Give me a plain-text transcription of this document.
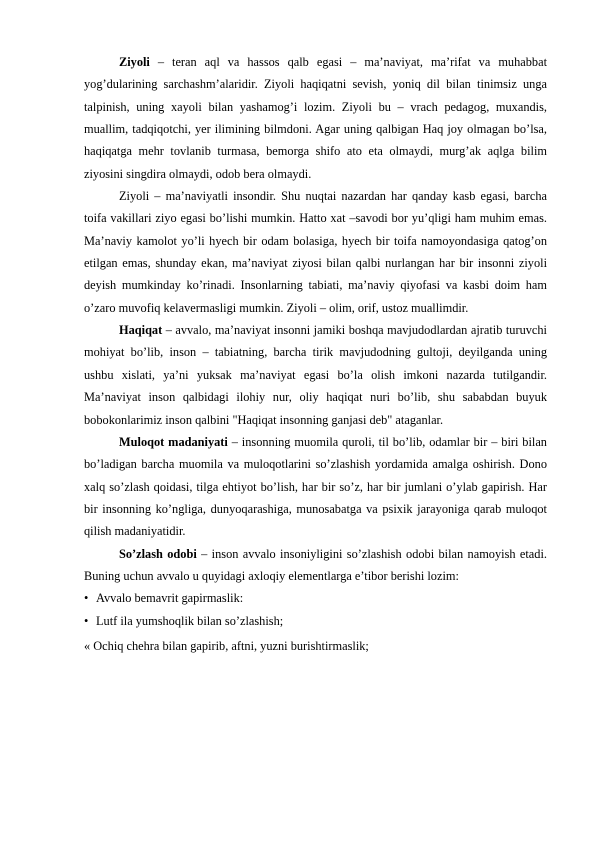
Ziyoli – teran aql va hassos qalb egasi – ma’naviyat, ma’rifat va muhabbat yog’dularining sarchashm’alaridir. Ziyoli haqiqatni sevish, yoniq dil bilan tinimsiz unga talpinish, uning xayoli bilan yashamog’i lozim. Ziyoli bu – vrach pedagog, muxandis, muallim, tadqiqotchi, yer ilimining bilmdoni. Agar uning qalbigan Haq joy olmagan bo’lsa, haqiqatga mehr tovlanib turmasa, bemorga shifo ato eta olmaydi, murg’ak aqlga bilim ziyosini singdira olmaydi, odob bera olmaydi.

Ziyoli – ma’naviyatli insondir. Shu nuqtai nazardan har qanday kasb egasi, barcha toifa vakillari ziyo egasi bo’lishi mumkin. Hatto xat –savodi bor yu’qligi ham muhim emas. Ma’naviy kamolot yo’li hyech bir odam bolasiga, hyech bir toifa namoyondasiga qatog’on etilgan emas, shunday ekan, ma’naviyat ziyosi bilan qalbi nurlangan har bir insonni ziyoli deyish mumkinday ko’rinadi. Insonlarning tabiati, ma’naviy qiyofasi va kasbi doim ham o’zaro muvofiq kelavermasligi mumkin. Ziyoli – olim, orif, ustoz muallimdir.

Haqiqat – avvalo, ma’naviyat insonni jamiki boshqa mavjudodlardan ajratib turuvchi mohiyat bo’lib, inson – tabiatning, barcha tirik mavjudodning gultoji, deyilganda uning ushbu xislati, ya’ni yuksak ma’naviyat egasi bo’la olish imkoni nazarda tutilgandir. Ma’naviyat inson qalbidagi ilohiy nur, oliy haqiqat nuri bo’lib, shu sababdan buyuk bobokonlarimiz inson qalbini "Haqiqat insonning ganjasi deb" ataganlar.

Muloqot madaniyati – insonning muomila quroli, til bo’lib, odamlar bir – biri bilan bo’ladigan barcha muomila va muloqotlarini so’zlashish yordamida amalga oshirish. Dono xalq so’zlash qoidasi, tilga ehtiyot bo’lish, har bir so’z, har bir jumlani o’ylab gapirish. Har bir insonning ko’ngliga, dunyoqarashiga, munosabatga va psixik jarayoniga qarab muloqot qilish madaniyatidir.

So’zlash odobi – inson avvalo insoniyligini so’zlashish odobi bilan namoyish etadi. Buning uchun avvalo u quyidagi axloqiy elementlarga e’tibor berishi lozim:

• Avvalo bemavrit gapirmaslik:
• Lutf ila yumshoqlik bilan so’zlashish;
« Ochiq chehra bilan gapirib, aftni, yuzni burishtirmaslik;
